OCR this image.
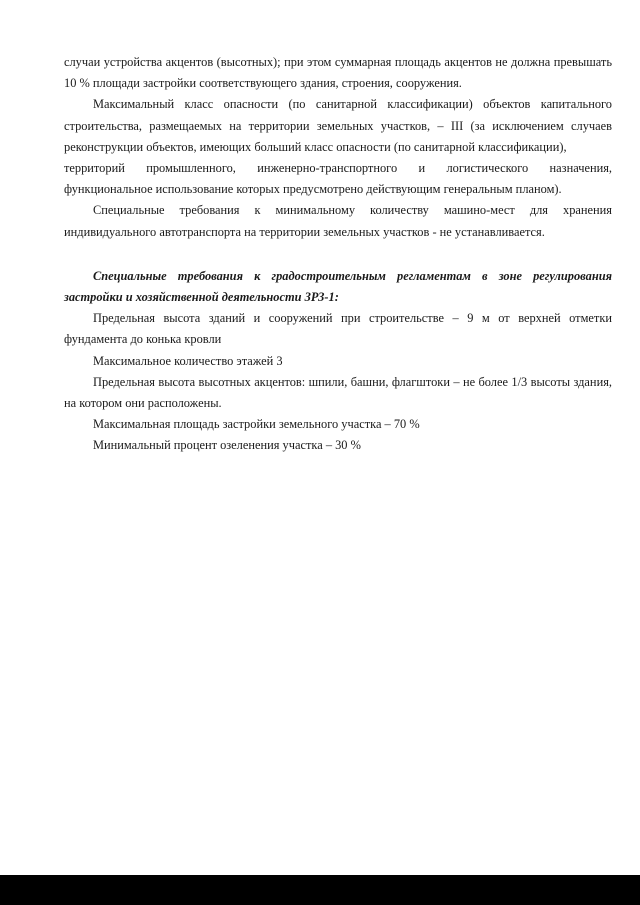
случаи устройства акцентов (высотных); при этом суммарная площадь акцентов не должна превышать 10 % площади застройки соответствующего здания, строения, сооружения.

Максимальный класс опасности (по санитарной классификации) объектов капитального строительства, размещаемых на территории земельных участков, – III (за исключением случаев реконструкции объектов, имеющих больший класс опасности (по санитарной классификации),

территорий промышленного, инженерно-транспортного и логистического назначения,

функциональное использование которых предусмотрено действующим генеральным планом).

Специальные требования к минимальному количеству машино-мест для хранения индивидуального автотранспорта на территории земельных участков - не устанавливается.

Специальные требования к градостроительным регламентам в зоне регулирования застройки и хозяйственной деятельности ЗРЗ-1:

Предельная высота зданий и сооружений при строительстве – 9 м от верхней отметки фундамента до конька кровли

Максимальное количество этажей 3

Предельная высота высотных акцентов: шпили, башни, флагштоки – не более 1/3 высоты здания, на котором они расположены.

Максимальная площадь застройки земельного участка – 70 %

Минимальный процент озеленения участка – 30 %
